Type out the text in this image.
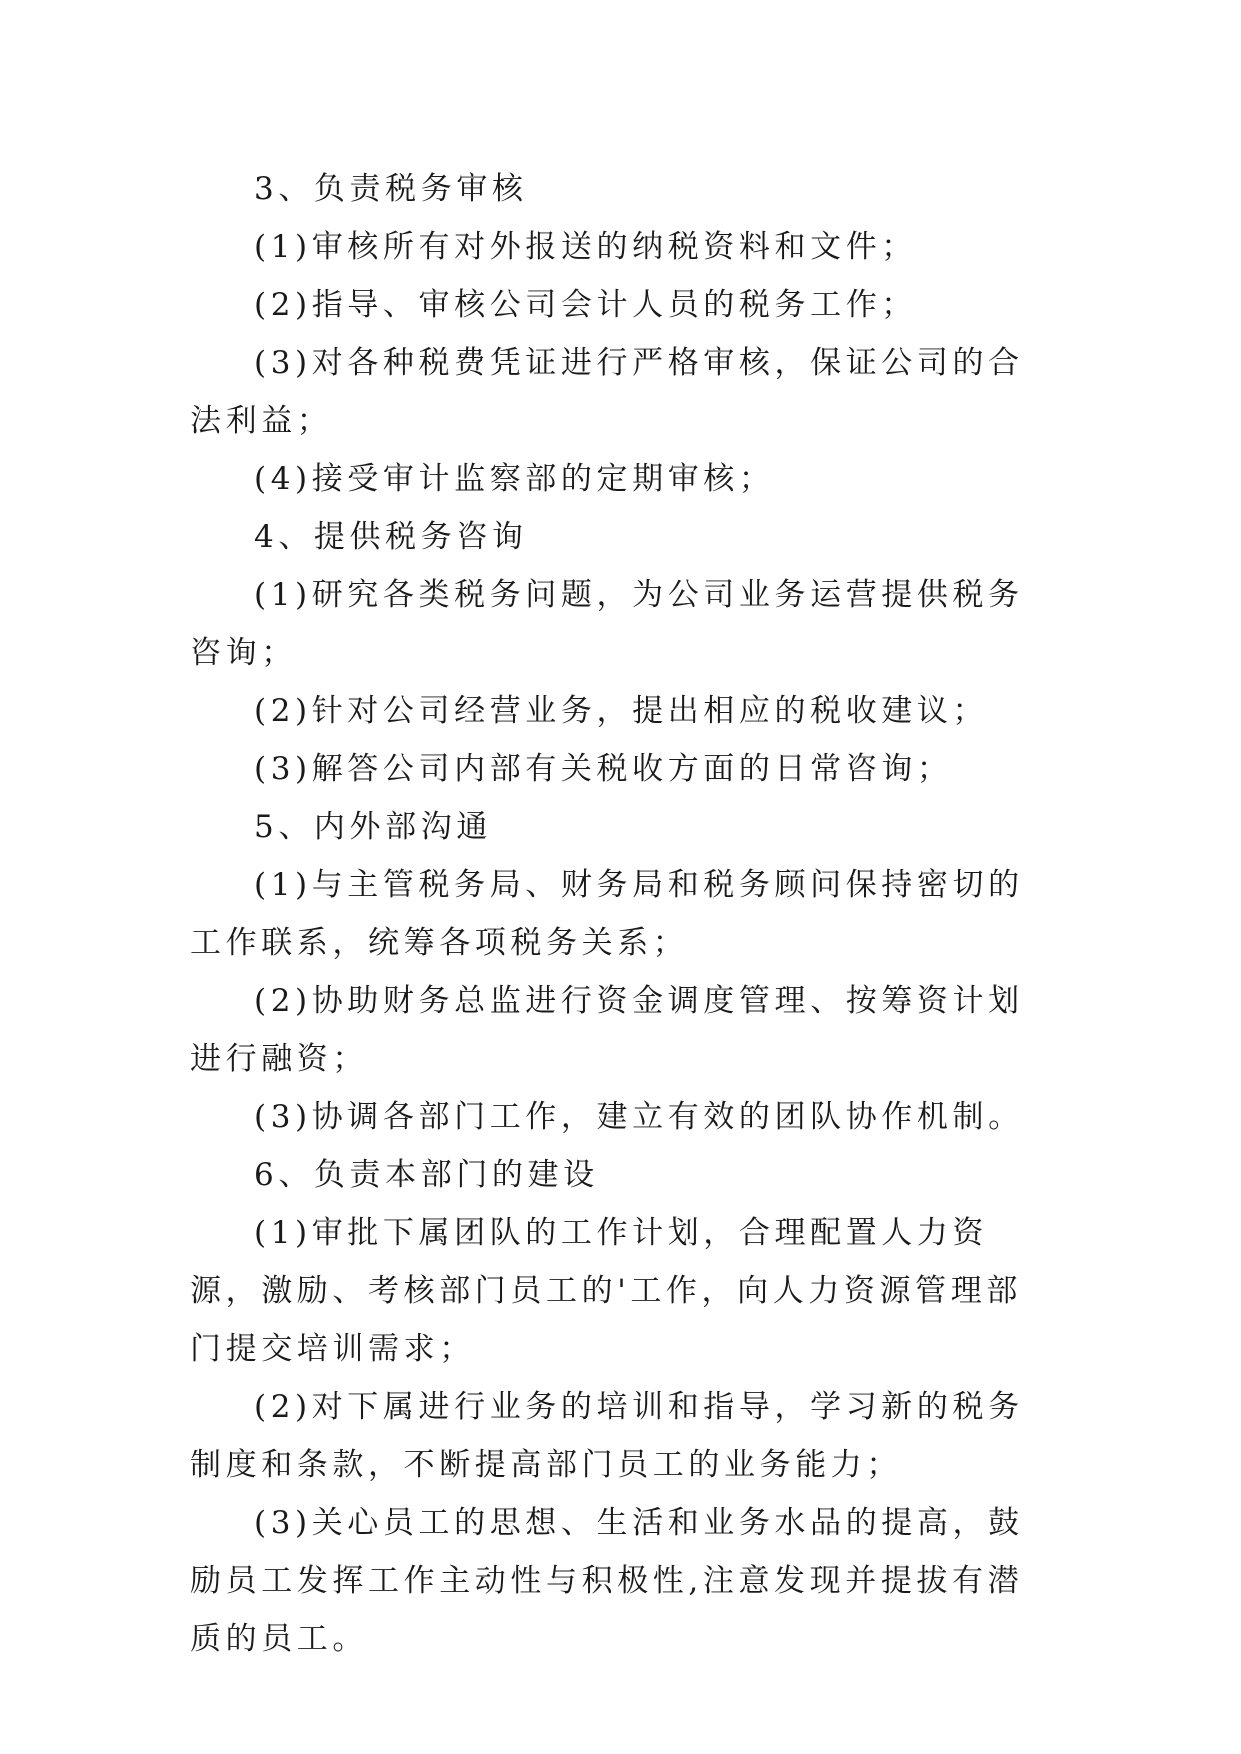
3、负责税务审核

(1)审核所有对外报送的纳税资料和文件；

(2)指导、审核公司会计人员的税务工作；

(3)对各种税费凭证进行严格审核，保证公司的合法利益；

(4)接受审计监察部的定期审核；

4、提供税务咨询

(1)研究各类税务问题，为公司业务运营提供税务咨询；

(2)针对公司经营业务，提出相应的税收建议；

(3)解答公司内部有关税收方面的日常咨询；

5、内外部沟通

(1)与主管税务局、财务局和税务顾问保持密切的工作联系，统筹各项税务关系；

(2)协助财务总监进行资金调度管理、按筹资计划进行融资；

(3)协调各部门工作，建立有效的团队协作机制。

6、负责本部门的建设

(1)审批下属团队的工作计划，合理配置人力资源，激励、考核部门员工的'工作，向人力资源管理部门提交培训需求；

(2)对下属进行业务的培训和指导，学习新的税务制度和条款，不断提高部门员工的业务能力；

(3)关心员工的思想、生活和业务水品的提高，鼓励员工发挥工作主动性与积极性,注意发现并提拔有潜质的员工。
